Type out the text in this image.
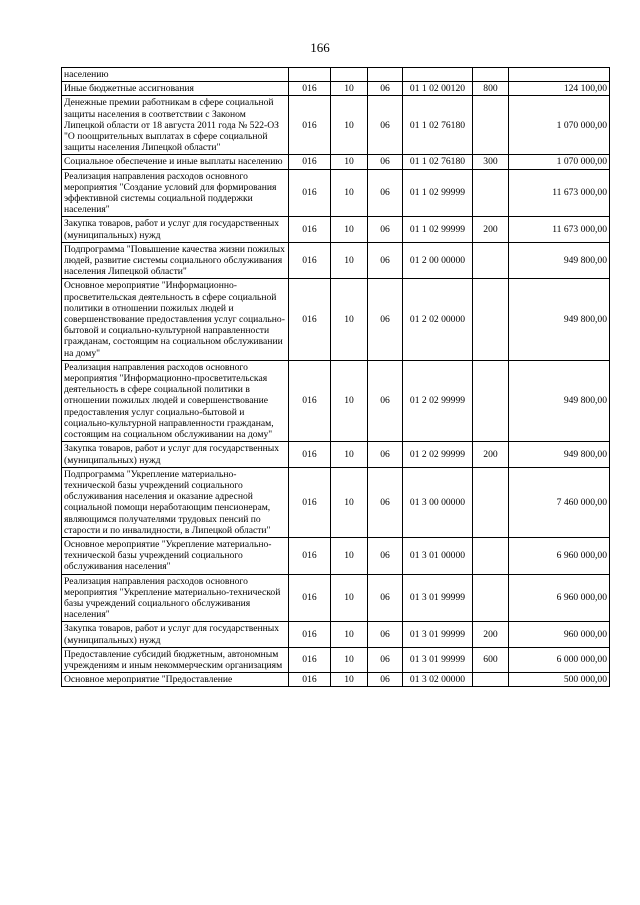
166
населению						
Иные бюджетные ассигнования	016	10	06	01 1 02 00120	800	124 100,00
Денежные премии работникам в сфере социальной защиты населения в соответствии с Законом Липецкой области от 18 августа 2011 года № 522-ОЗ "О поощрительных выплатах в сфере социальной защиты населения Липецкой области"	016	10	06	01 1 02 76180		1 070 000,00
Социальное обеспечение и иные выплаты населению	016	10	06	01 1 02 76180	300	1 070 000,00
Реализация направления расходов основного мероприятия "Создание условий для формирования эффективной системы социальной поддержки населения"	016	10	06	01 1 02 99999		11 673 000,00
Закупка товаров, работ и услуг для государственных (муниципальных) нужд	016	10	06	01 1 02 99999	200	11 673 000,00
Подпрограмма "Повышение качества жизни пожилых людей, развитие системы социального обслуживания населения Липецкой области"	016	10	06	01 2 00 00000		949 800,00
Основное мероприятие "Информационно-просветительская деятельность в сфере социальной политики в отношении пожилых людей и совершенствование предоставления услуг социально-бытовой и социально-культурной направленности гражданам, состоящим на социальном обслуживании на дому"	016	10	06	01 2 02 00000		949 800,00
Реализация направления расходов основного мероприятия "Информационно-просветительская деятельность в сфере социальной политики в отношении пожилых людей и совершенствование предоставления услуг социально-бытовой и социально-культурной направленности гражданам, состоящим на социальном обслуживании на дому"	016	10	06	01 2 02 99999		949 800,00
Закупка товаров, работ и услуг для государственных (муниципальных) нужд	016	10	06	01 2 02 99999	200	949 800,00
Подпрограмма "Укрепление материально-технической базы учреждений социального обслуживания населения и оказание адресной социальной помощи неработающим пенсионерам, являющимся получателями трудовых пенсий по старости и по инвалидности, в Липецкой области"	016	10	06	01 3 00 00000		7 460 000,00
Основное мероприятие "Укрепление материально-технической базы учреждений социального обслуживания населения"	016	10	06	01 3 01 00000		6 960 000,00
Реализация направления расходов основного мероприятия "Укрепление материально-технической базы учреждений социального обслуживания населения"	016	10	06	01 3 01 99999		6 960 000,00
Закупка товаров, работ и услуг для государственных (муниципальных) нужд	016	10	06	01 3 01 99999	200	960 000,00
Предоставление субсидий бюджетным, автономным учреждениям и иным некоммерческим организациям	016	10	06	01 3 01 99999	600	6 000 000,00
Основное мероприятие "Предоставление	016	10	06	01 3 02 00000		500 000,00
